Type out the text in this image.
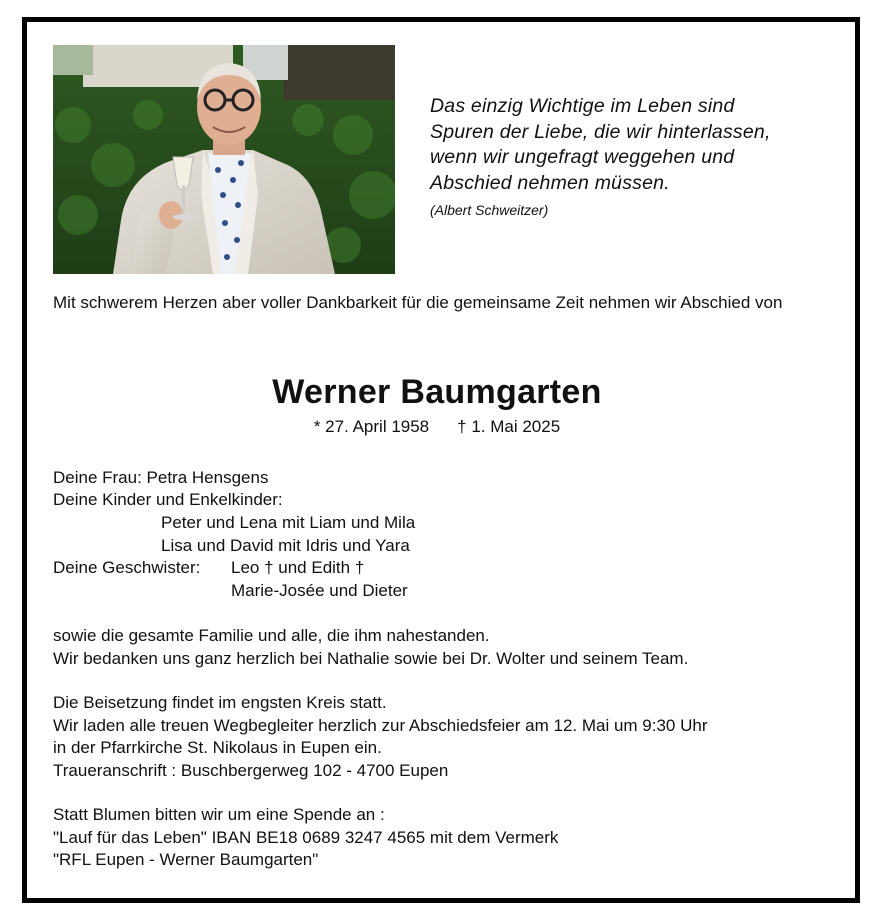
Das einzig Wichtige im Leben sind
Spuren der Liebe, die wir hinterlassen,
wenn wir ungefragt weggehen und
Abschied nehmen müssen.
(Albert Schweitzer)
Mit schwerem Herzen aber voller Dankbarkeit für die gemeinsame Zeit nehmen wir Abschied von
Werner Baumgarten
* 27. April 1958 † 1. Mai 2025
Deine Frau: Petra Hensgens
Deine Kinder und Enkelkinder:
Peter und Lena mit Liam und Mila
Lisa und David mit Idris und Yara
Deine Geschwister: Leo † und Edith †
Marie-Josée und Dieter
sowie die gesamte Familie und alle, die ihm nahestanden.
Wir bedanken uns ganz herzlich bei Nathalie sowie bei Dr. Wolter und seinem Team.
Die Beisetzung findet im engsten Kreis statt.
Wir laden alle treuen Wegbegleiter herzlich zur Abschiedsfeier am 12. Mai um 9:30 Uhr
in der Pfarrkirche St. Nikolaus in Eupen ein.
Traueranschrift : Buschbergerweg 102 - 4700 Eupen
Statt Blumen bitten wir um eine Spende an :
"Lauf für das Leben" IBAN BE18 0689 3247 4565 mit dem Vermerk
"RFL Eupen - Werner Baumgarten"
